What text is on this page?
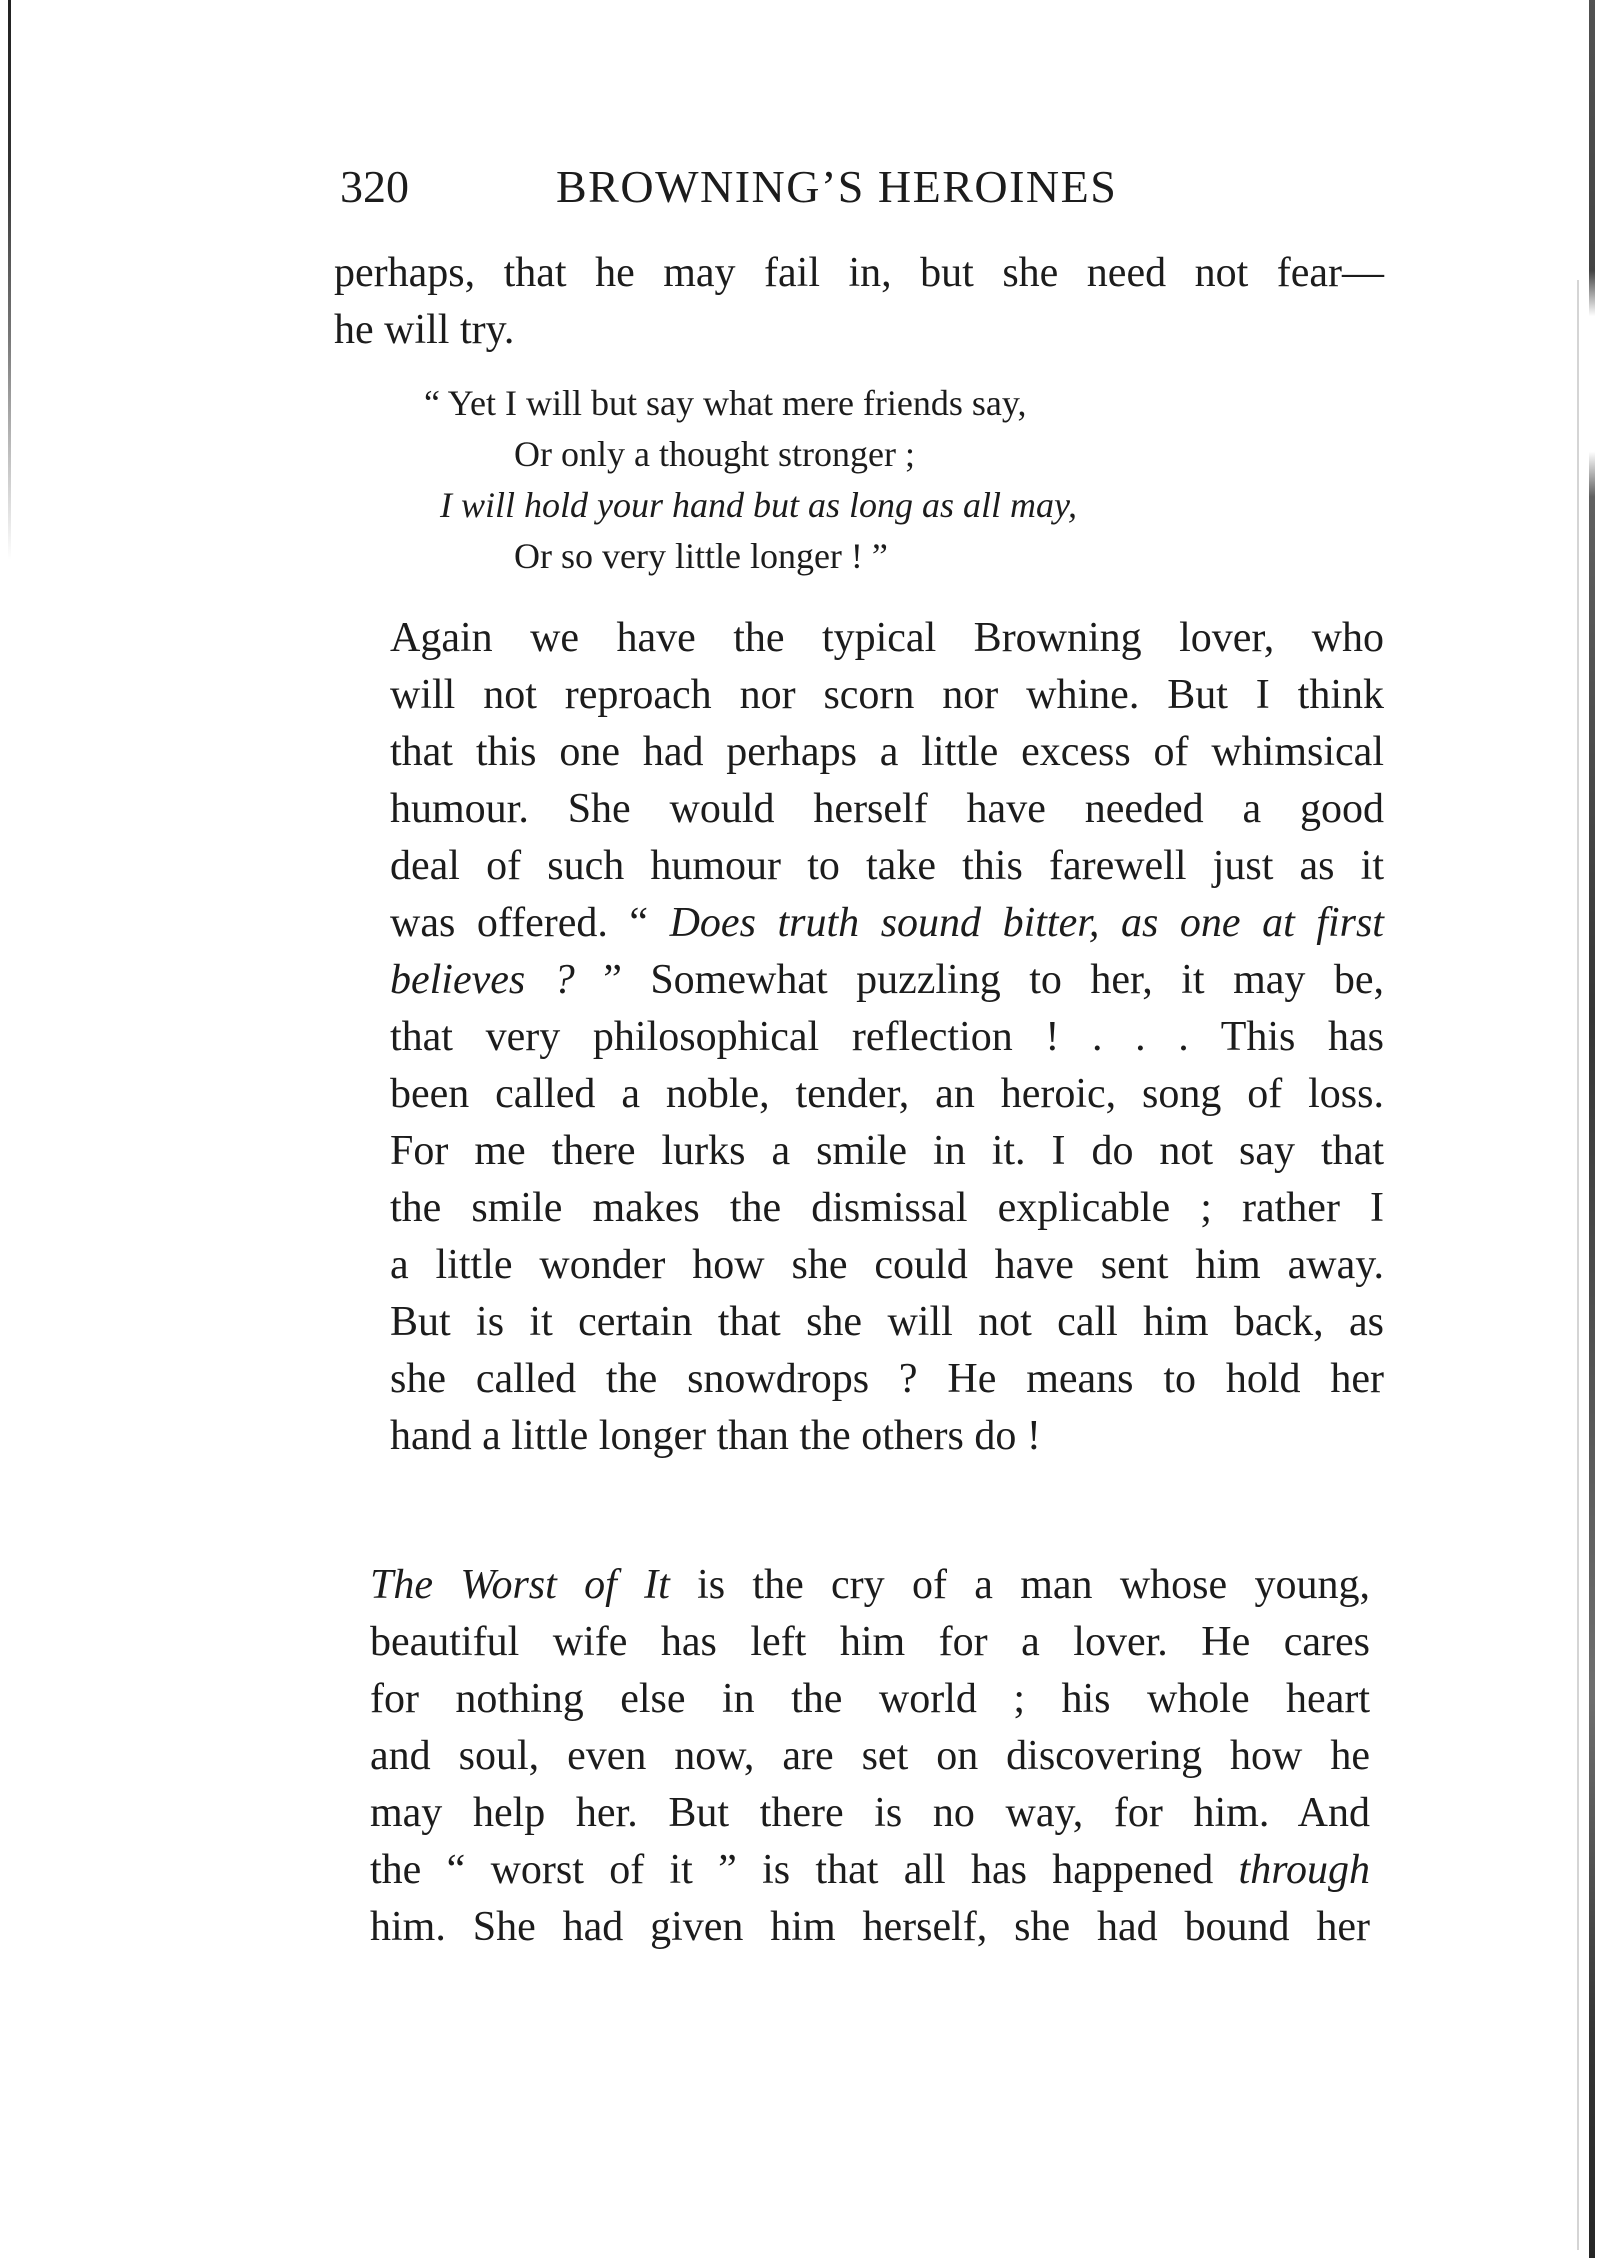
320	BROWNING’S HEROINES
perhaps, that he may fail in, but she need not fear—
he will try.
“ Yet I will but say what mere friends say,
Or only a thought stronger ;
I will hold your hand but as long as all may,
Or so very little longer ! ”
Again we have the typical Browning lover, who
will not reproach nor scorn nor whine. But I think
that this one had perhaps a little excess of whimsical
humour. She would herself have needed a good
deal of such humour to take this farewell just as it
was offered. “ Does truth sound bitter, as one at first
believes ? ” Somewhat puzzling to her, it may be,
that very philosophical reflection ! . . . This has
been called a noble, tender, an heroic, song of loss.
For me there lurks a smile in it. I do not say that
the smile makes the dismissal explicable ; rather I
a little wonder how she could have sent him away.
But is it certain that she will not call him back, as
she called the snowdrops ? He means to hold her
hand a little longer than the others do !
The Worst of It is the cry of a man whose young,
beautiful wife has left him for a lover. He cares
for nothing else in the world ; his whole heart
and soul, even now, are set on discovering how he
may help her. But there is no way, for him. And
the “ worst of it ” is that all has happened through
him. She had given him herself, she had bound her
